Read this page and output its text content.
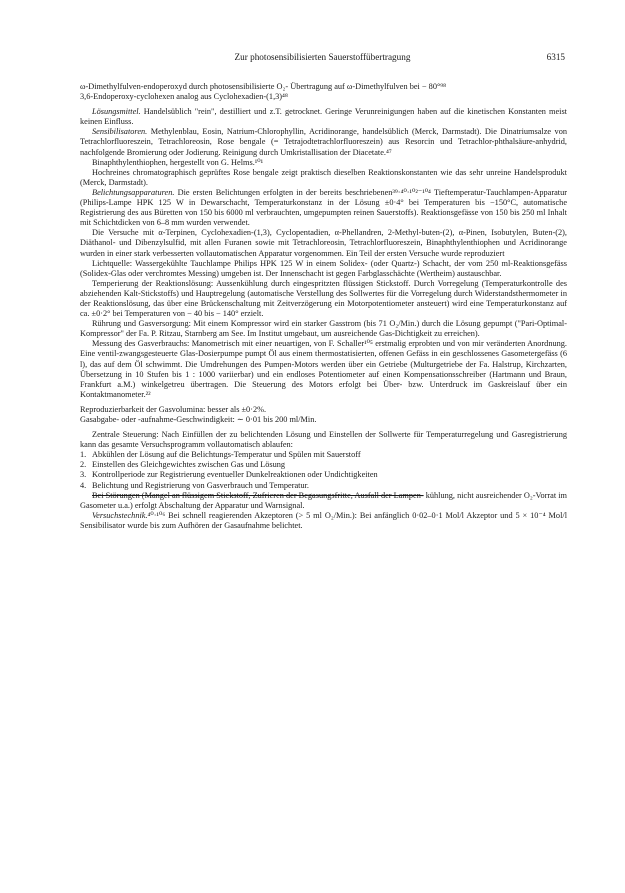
Zur photosensibilisierten Sauerstoffübertragung	6315

ω-Dimethylfulven-endoperoxyd durch photosensibilisierte O₂- Übertragung auf ω-Dimethylfulven bei − 80°⁹⁸

3,6-Endoperoxy-cyclohexen analog aus Cyclohexadien-(1,3)⁴⁸

Lösungsmittel. Handelsüblich "rein", destilliert und z.T. getrocknet. Geringe Verunreinigungen haben auf die kinetischen Konstanten meist keinen Einfluss.

Sensibilisatoren. Methylenblau, Eosin, Natrium-Chlorophyllin, Acridinorange, handelsüblich (Merck, Darmstadt). Die Dinatriumsalze von Tetrachlorfluoreszein, Tetrachloreosin, Rose bengale (= Tetrajodtetrachlorfluoreszein) aus Resorcin und Tetrachlor-phthalsäure-anhydrid, nachfolgende Bromierung oder Jodierung. Reinigung durch Umkristallisation der Diacetate.⁴⁷

Binaphthylenthiophen, hergestellt von G. Helms.¹⁰¹

Hochreines chromatographisch geprüftes Rose bengale zeigt praktisch dieselben Reaktionskonstanten wie das sehr unreine Handelsprodukt (Merck, Darmstadt).

Belichtungsapparaturen. Die ersten Belichtungen erfolgten in der bereits beschriebenen³⁹·⁴⁰·¹⁰²⁻¹⁰⁴ Tieftemperatur-Tauchlampen-Apparatur (Philips-Lampe HPK 125 W in Dewarschacht, Temperaturkonstanz in der Lösung ±0·4° bei Temperaturen bis −150°C, automatische Registrierung des aus Büretten von 150 bis 6000 ml verbrauchten, umgepumpten reinen Sauerstoffs). Reaktionsgefässe von 150 bis 250 ml Inhalt mit Schichtdicken von 6–8 mm wurden verwendet.

Die Versuche mit α-Terpinen, Cyclohexadien-(1,3), Cyclopentadien, α-Phellandren, 2-Methyl-buten-(2), α-Pinen, Isobutylen, Buten-(2), Diäthanol- und Dibenzylsulfid, mit allen Furanen sowie mit Tetrachloreosin, Tetrachlorfluoreszein, Binaphthylenthiophen und Acridinorange wurden in einer stark verbesserten vollautomatischen Apparatur vorgenommen. Ein Teil der ersten Versuche wurde reproduziert

Lichtquelle: Wassergekühlte Tauchlampe Philips HPK 125 W in einem Solidex- (oder Quartz-) Schacht, der vom 250 ml-Reaktionsgefäss (Solidex-Glas oder verchromtes Messing) umgeben ist. Der Innenschacht ist gegen Farbglasschächte (Wertheim) austauschbar.

Temperierung der Reaktionslösung: Aussenkühlung durch eingespritzten flüssigen Stickstoff. Durch Vorregelung (Temperaturkontrolle des abziehenden Kalt-Stickstoffs) und Hauptregelung (automatische Verstellung des Sollwertes für die Vorregelung durch Widerstandsthermometer in der Reaktionslösung, das über eine Brückenschaltung mit Zeitverzögerung ein Motorpotentiometer ansteuert) wird eine Temperaturkonstanz auf ca. ±0·2° bei Temperaturen von − 40 bis − 140° erzielt.

Rührung und Gasversorgung: Mit einem Kompressor wird ein starker Gasstrom (bis 71 O₂/Min.) durch die Lösung gepumpt ("Pari-Optimal-Kompressor" der Fa. P. Ritzau, Starnberg am See. Im Institut umgebaut, um ausreichende Gas-Dichtigkeit zu erreichen).

Messung des Gasverbrauchs: Manometrisch mit einer neuartigen, von F. Schaller¹⁰⁵ erstmalig erprobten und von mir veränderten Anordnung. Eine ventil-zwangsgesteuerte Glas-Dosierpumpe pumpt Öl aus einem thermostatisierten, offenen Gefäss in ein geschlossenes Gasometergefäss (6 l), das auf dem Öl schwimmt. Die Umdrehungen des Pumpen-Motors werden über ein Getriebe (Multurgetriebe der Fa. Halstrup, Kirchzarten, Übersetzung in 10 Stufen bis 1 : 1000 variierbar) und ein endloses Potentiometer auf einen Kompensationsschreiber (Hartmann und Braun, Frankfurt a.M.) winkelgetreu übertragen. Die Steuerung des Motors erfolgt bei Über- bzw. Unterdruck im Gaskreislauf über ein Kontaktmanometer.²²

Reproduzierbarkeit der Gasvolumina: besser als ±0·2%.

Gasabgabe- oder -aufnahme-Geschwindigkeit: ∼ 0·01 bis 200 ml/Min.

Zentrale Steuerung: Nach Einfüllen der zu belichtenden Lösung und Einstellen der Sollwerte für Temperaturregelung und Gasregistrierung kann das gesamte Versuchsprogramm vollautomatisch ablaufen:

1. Abkühlen der Lösung auf die Belichtungs-Temperatur und Spülen mit Sauerstoff
2. Einstellen des Gleichgewichtes zwischen Gas und Lösung
3. Kontrollperiode zur Registrierung eventueller Dunkelreaktionen oder Undichtigkeiten
4. Belichtung und Registrierung von Gasverbrauch und Temperatur.

Bei Störungen (Mangel an flüssigem Stickstoff, Zufrieren der Begasungsfritte, Ausfall der Lampen- kühlung, nicht ausreichender O₂-Vorrat im Gasometer u.a.) erfolgt Abschaltung der Apparatur und Warnsignal.

Versuchstechnik.⁴⁰·¹⁰⁶ Bei schnell reagierenden Akzeptoren (> 5 ml O₂/Min.): Bei anfänglich 0·02–0·1 Mol/l Akzeptor und 5 × 10⁻⁴ Mol/l Sensibilisator wurde bis zum Aufhören der Gasaufnahme belichtet.
